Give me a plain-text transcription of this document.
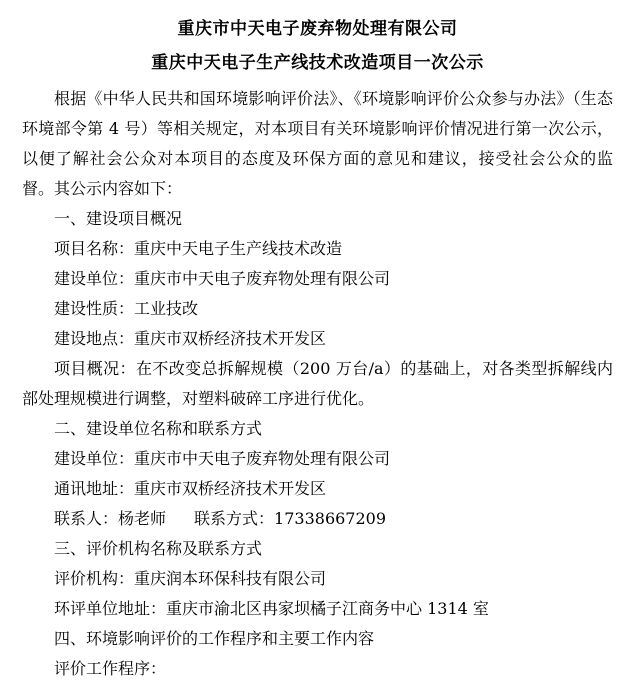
重庆市中天电子废弃物处理有限公司
重庆中天电子生产线技术改造项目一次公示

根据《中华人民共和国环境影响评价法》、《环境影响评价公众参与办法》（生态环境部令第 4 号）等相关规定，对本项目有关环境影响评价情况进行第一次公示，以便了解社会公众对本项目的态度及环保方面的意见和建议，接受社会公众的监督。其公示内容如下：

一、建设项目概况

项目名称：重庆中天电子生产线技术改造

建设单位：重庆市中天电子废弃物处理有限公司

建设性质：工业技改

建设地点：重庆市双桥经济技术开发区

项目概况：在不改变总拆解规模（200 万台/a）的基础上，对各类型拆解线内部处理规模进行调整，对塑料破碎工序进行优化。

二、建设单位名称和联系方式

建设单位：重庆市中天电子废弃物处理有限公司

通讯地址：重庆市双桥经济技术开发区

联系人：杨老师 联系方式：17338667209

三、评价机构名称及联系方式

评价机构：重庆润本环保科技有限公司

环评单位地址：重庆市渝北区冉家坝橘子江商务中心 1314 室

四、环境影响评价的工作程序和主要工作内容

评价工作程序：
